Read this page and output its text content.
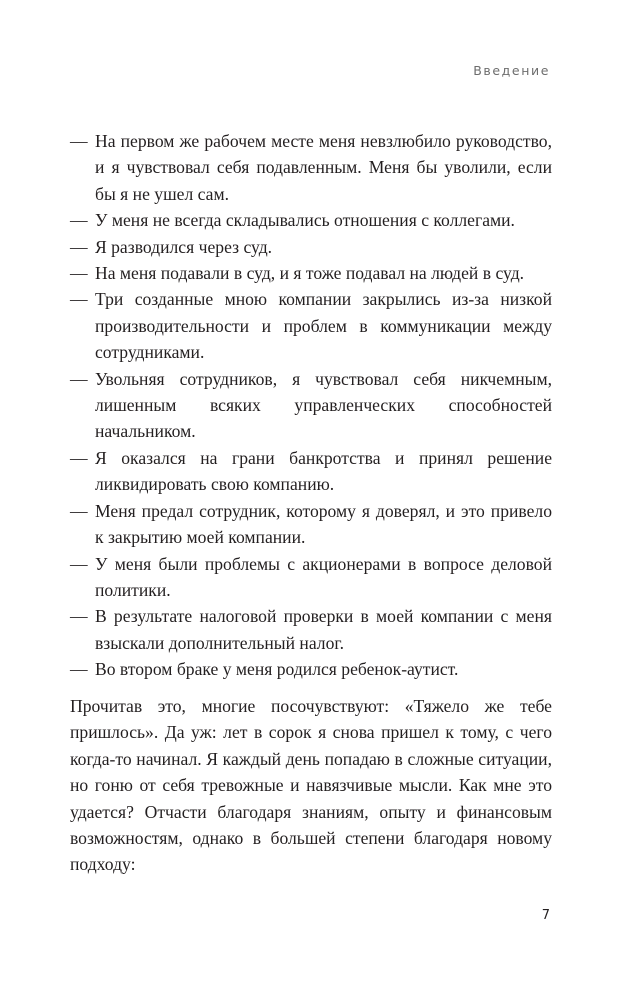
Введение
— На первом же рабочем месте меня невзлюбило руководство, и я чувствовал себя подавленным. Меня бы уволили, если бы я не ушел сам.
— У меня не всегда складывались отношения с коллегами.
— Я разводился через суд.
— На меня подавали в суд, и я тоже подавал на людей в суд.
— Три созданные мною компании закрылись из-за низкой производительности и проблем в коммуникации между сотрудниками.
— Увольняя сотрудников, я чувствовал себя никчемным, лишенным всяких управленческих способностей начальником.
— Я оказался на грани банкротства и принял решение ликвидировать свою компанию.
— Меня предал сотрудник, которому я доверял, и это привело к закрытию моей компании.
— У меня были проблемы с акционерами в вопросе деловой политики.
— В результате налоговой проверки в моей компании с меня взыскали дополнительный налог.
— Во втором браке у меня родился ребенок-аутист.

Прочитав это, многие посочувствуют: «Тяжело же тебе пришлось». Да уж: лет в сорок я снова пришел к тому, с чего когда-то начинал. Я каждый день попадаю в сложные ситуации, но гоню от себя тревожные и навязчивые мысли. Как мне это удается? Отчасти благодаря знаниям, опыту и финансовым возможностям, однако в большей степени благодаря новому подходу:

7
